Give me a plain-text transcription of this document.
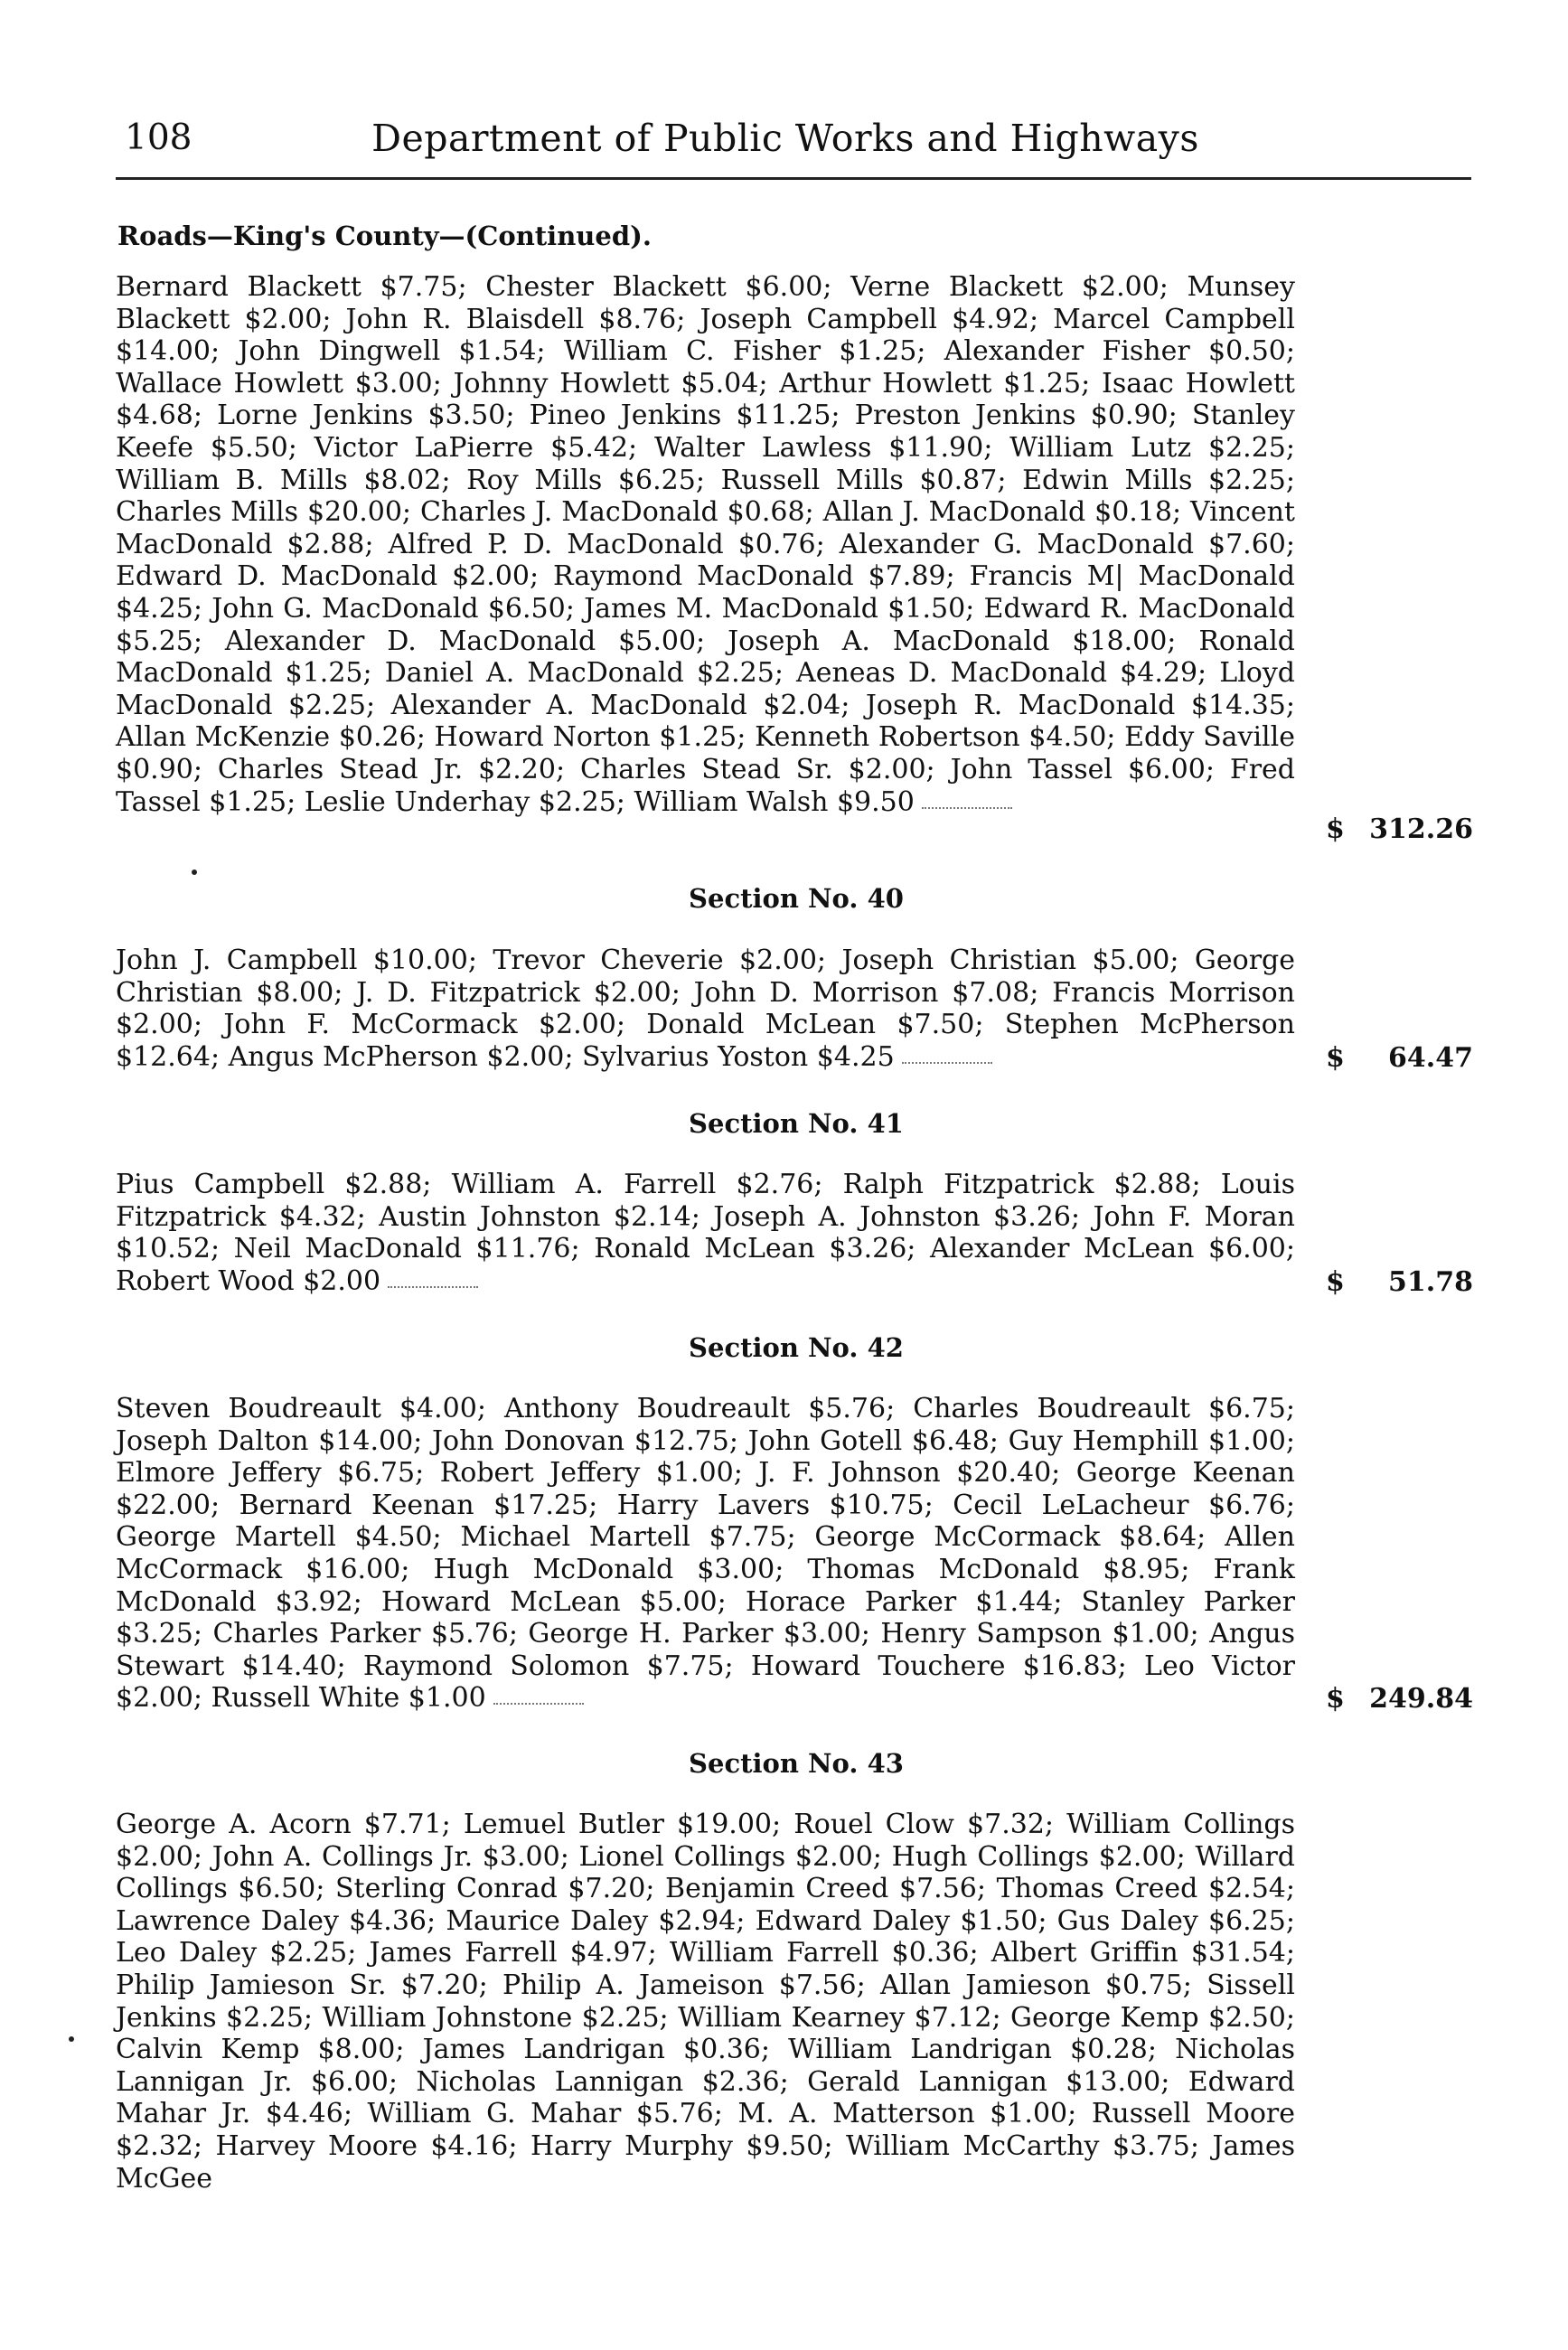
108	Department of Public Works and Highways
Roads—King's County—(Continued).
Bernard Blackett $7.75; Chester Blackett $6.00; Verne Blackett $2.00; Munsey Blackett $2.00; John R. Blaisdell $8.76; Joseph Campbell $4.92; Marcel Campbell $14.00; John Dingwell $1.54; William C. Fisher $1.25; Alexander Fisher $0.50; Wallace Howlett $3.00; Johnny Howlett $5.04; Arthur Howlett $1.25; Isaac Howlett $4.68; Lorne Jenkins $3.50; Pineo Jenkins $11.25; Preston Jenkins $0.90; Stanley Keefe $5.50; Victor LaPierre $5.42; Walter Lawless $11.90; William Lutz $2.25; William B. Mills $8.02; Roy Mills $6.25; Russell Mills $0.87; Edwin Mills $2.25; Charles Mills $20.00; Charles J. MacDonald $0.68; Allan J. MacDonald $0.18; Vincent MacDonald $2.88; Alfred P. D. MacDonald $0.76; Alexander G. MacDonald $7.60; Edward D. MacDonald $2.00; Raymond MacDonald $7.89; Francis M| MacDonald $4.25; John G. MacDonald $6.50; James M. MacDonald $1.50; Edward R. MacDonald $5.25; Alexander D. MacDonald $5.00; Joseph A. MacDonald $18.00; Ronald MacDonald $1.25; Daniel A. MacDonald $2.25; Aeneas D. MacDonald $4.29; Lloyd MacDonald $2.25; Alexander A. MacDonald $2.04; Joseph R. MacDonald $14.35; Allan McKenzie $0.26; Howard Norton $1.25; Kenneth Robertson $4.50; Eddy Saville $0.90; Charles Stead Jr. $2.20; Charles Stead Sr. $2.00; John Tassel $6.00; Fred Tassel $1.25; Leslie Underhay $2.25; William Walsh $9.50
$ 312.26
Section No. 40
John J. Campbell $10.00; Trevor Cheverie $2.00; Joseph Christian $5.00; George Christian $8.00; J. D. Fitzpatrick $2.00; John D. Morrison $7.08; Francis Morrison $2.00; John F. McCormack $2.00; Donald McLean $7.50; Stephen McPherson $12.64; Angus McPherson $2.00; Sylvarius Yoston $4.25	$ 64.47
Section No. 41
Pius Campbell $2.88; William A. Farrell $2.76; Ralph Fitzpatrick $2.88; Louis Fitzpatrick $4.32; Austin Johnston $2.14; Joseph A. Johnston $3.26; John F. Moran $10.52; Neil MacDonald $11.76; Ronald McLean $3.26; Alexander McLean $6.00; Robert Wood $2.00	$ 51.78
Section No. 42
Steven Boudreault $4.00; Anthony Boudreault $5.76; Charles Boudreault $6.75; Joseph Dalton $14.00; John Donovan $12.75; John Gotell $6.48; Guy Hemphill $1.00; Elmore Jeffery $6.75; Robert Jeffery $1.00; J. F. Johnson $20.40; George Keenan $22.00; Bernard Keenan $17.25; Harry Lavers $10.75; Cecil LeLacheur $6.76; George Martell $4.50; Michael Martell $7.75; George McCormack $8.64; Allen McCormack $16.00; Hugh McDonald $3.00; Thomas McDonald $8.95; Frank McDonald $3.92; Howard McLean $5.00; Horace Parker $1.44; Stanley Parker $3.25; Charles Parker $5.76; George H. Parker $3.00; Henry Sampson $1.00; Angus Stewart $14.40; Raymond Solomon $7.75; Howard Touchere $16.83; Leo Victor $2.00; Russell White $1.00	$ 249.84
Section No. 43
George A. Acorn $7.71; Lemuel Butler $19.00; Rouel Clow $7.32; William Collings $2.00; John A. Collings Jr. $3.00; Lionel Collings $2.00; Hugh Collings $2.00; Willard Collings $6.50; Sterling Conrad $7.20; Benjamin Creed $7.56; Thomas Creed $2.54; Lawrence Daley $4.36; Maurice Daley $2.94; Edward Daley $1.50; Gus Daley $6.25; Leo Daley $2.25; James Farrell $4.97; William Farrell $0.36; Albert Griffin $31.54; Philip Jamieson Sr. $7.20; Philip A. Jameison $7.56; Allan Jamieson $0.75; Sissell Jenkins $2.25; William Johnstone $2.25; William Kearney $7.12; George Kemp $2.50; Calvin Kemp $8.00; James Landrigan $0.36; William Landrigan $0.28; Nicholas Lannigan Jr. $6.00; Nicholas Lannigan $2.36; Gerald Lannigan $13.00; Edward Mahar Jr. $4.46; William G. Mahar $5.76; M. A. Matterson $1.00; Russell Moore $2.32; Harvey Moore $4.16; Harry Murphy $9.50; William McCarthy $3.75; James McGee
